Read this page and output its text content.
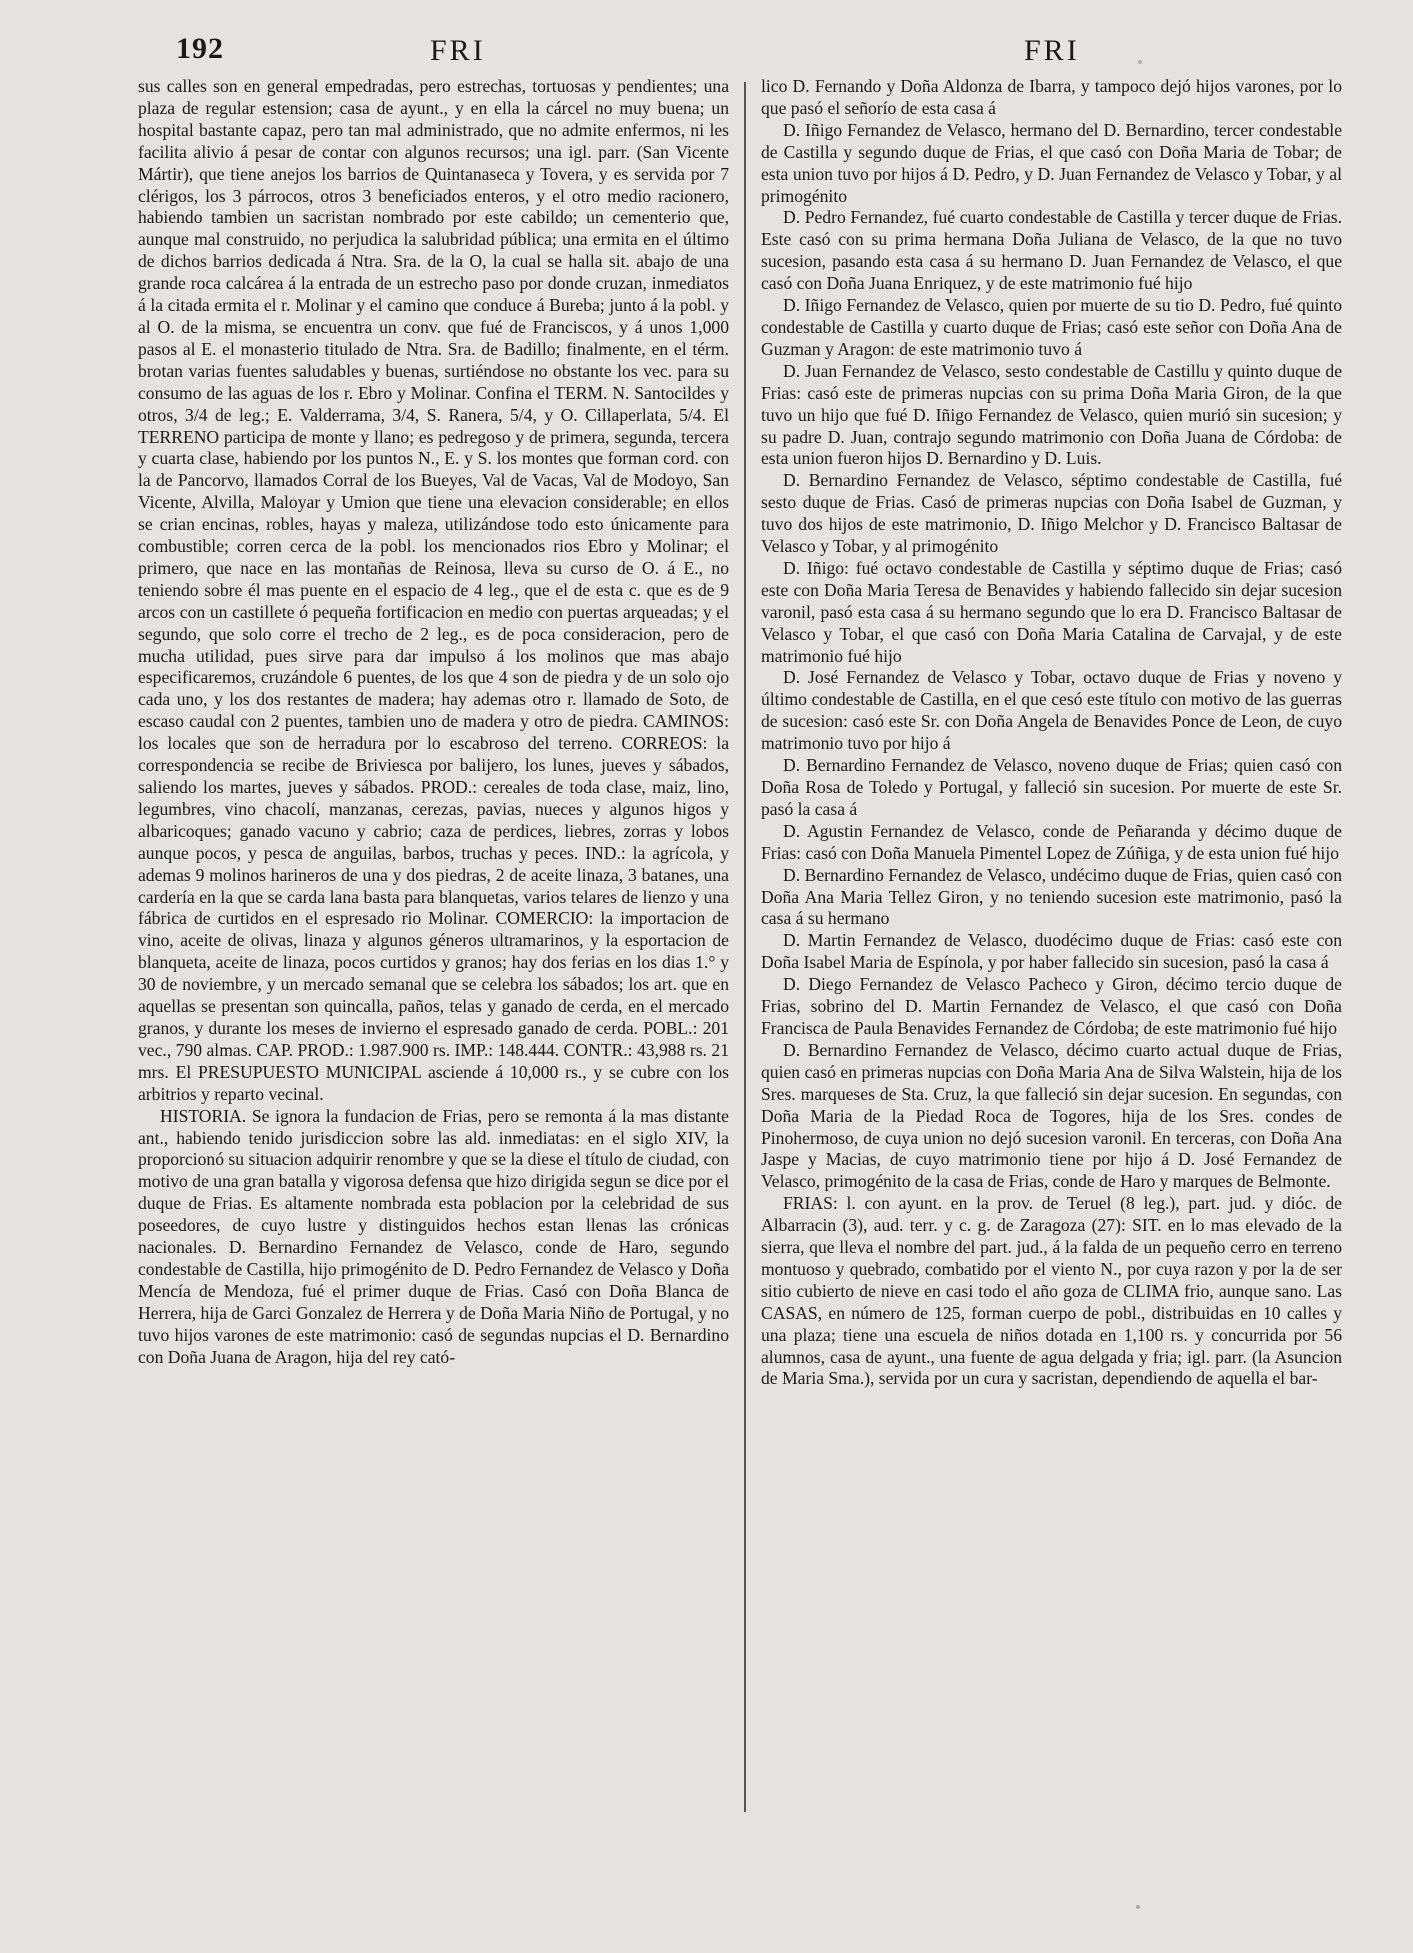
192	FRI	FRI

sus calles son en general empedradas, pero estrechas, tortuosas y pendientes; una plaza de regular estension; casa de ayunt., y en ella la cárcel no muy buena; un hospital bastante capaz, pero tan mal administrado, que no admite enfermos, ni les facilita alivio á pesar de contar con algunos recursos; una igl. parr. (San Vicente Mártir), que tiene anejos los barrios de Quintanaseca y Tovera, y es servida por 7 clérigos, los 3 párrocos, otros 3 beneficiados enteros, y el otro medio racionero, habiendo tambien un sacristan nombrado por este cabildo; un cementerio que, aunque mal construido, no perjudica la salubridad pública; una ermita en el último de dichos barrios dedicada á Ntra. Sra. de la O, la cual se halla sit. abajo de una grande roca calcárea á la entrada de un estrecho paso por donde cruzan, inmediatos á la citada ermita el r. Molinar y el camino que conduce á Bureba; junto á la pobl. y al O. de la misma, se encuentra un conv. que fué de Franciscos, y á unos 1,000 pasos al E. el monasterio titulado de Ntra. Sra. de Badillo; finalmente, en el térm. brotan varias fuentes saludables y buenas, surtiéndose no obstante los vec. para su consumo de las aguas de los r. Ebro y Molinar. Confina el TERM. N. Santocildes y otros, 3/4 de leg.; E. Valderrama, 3/4, S. Ranera, 5/4, y O. Cillaperlata, 5/4. El TERRENO participa de monte y llano; es pedregoso y de primera, segunda, tercera y cuarta clase, habiendo por los puntos N., E. y S. los montes que forman cord. con la de Pancorvo, llamados Corral de los Bueyes, Val de Vacas, Val de Modoyo, San Vicente, Alvilla, Maloyar y Umion que tiene una elevacion considerable; en ellos se crian encinas, robles, hayas y maleza, utilizándose todo esto únicamente para combustible; corren cerca de la pobl. los mencionados rios Ebro y Molinar; el primero, que nace en las montañas de Reinosa, lleva su curso de O. á E., no teniendo sobre él mas puente en el espacio de 4 leg., que el de esta c. que es de 9 arcos con un castillete ó pequeña fortificacion en medio con puertas arqueadas; y el segundo, que solo corre el trecho de 2 leg., es de poca consideracion, pero de mucha utilidad, pues sirve para dar impulso á los molinos que mas abajo especificaremos, cruzándole 6 puentes, de los que 4 son de piedra y de un solo ojo cada uno, y los dos restantes de madera; hay ademas otro r. llamado de Soto, de escaso caudal con 2 puentes, tambien uno de madera y otro de piedra. CAMINOS: los locales que son de herradura por lo escabroso del terreno. CORREOS: la correspondencia se recibe de Briviesca por balijero, los lunes, jueves y sábados, saliendo los martes, jueves y sábados. PROD.: cereales de toda clase, maiz, lino, legumbres, vino chacolí, manzanas, cerezas, pavias, nueces y algunos higos y albaricoques; ganado vacuno y cabrio; caza de perdices, liebres, zorras y lobos aunque pocos, y pesca de anguilas, barbos, truchas y peces. IND.: la agrícola, y ademas 9 molinos harineros de una y dos piedras, 2 de aceite linaza, 3 batanes, una cardería en la que se carda lana basta para blanquetas, varios telares de lienzo y una fábrica de curtidos en el espresado rio Molinar. COMERCIO: la importacion de vino, aceite de olivas, linaza y algunos géneros ultramarinos, y la esportacion de blanqueta, aceite de linaza, pocos curtidos y granos; hay dos ferias en los dias 1.° y 30 de noviembre, y un mercado semanal que se celebra los sábados; los art. que en aquellas se presentan son quincalla, paños, telas y ganado de cerda, en el mercado granos, y durante los meses de invierno el espresado ganado de cerda. POBL.: 201 vec., 790 almas. CAP. PROD.: 1.987.900 rs. IMP.: 148.444. CONTR.: 43,988 rs. 21 mrs. El PRESUPUESTO MUNICIPAL asciende á 10,000 rs., y se cubre con los arbitrios y reparto vecinal.

HISTORIA. Se ignora la fundacion de Frias, pero se remonta á la mas distante ant., habiendo tenido jurisdiccion sobre las ald. inmediatas: en el siglo XIV, la proporcionó su situacion adquirir renombre y que se la diese el título de ciudad, con motivo de una gran batalla y vigorosa defensa que hizo dirigida segun se dice por el duque de Frias. Es altamente nombrada esta poblacion por la celebridad de sus poseedores, de cuyo lustre y distinguidos hechos estan llenas las crónicas nacionales. D. Bernardino Fernandez de Velasco, conde de Haro, segundo condestable de Castilla, hijo primogénito de D. Pedro Fernandez de Velasco y Doña Mencía de Mendoza, fué el primer duque de Frias. Casó con Doña Blanca de Herrera, hija de Garci Gonzalez de Herrera y de Doña Maria Niño de Portugal, y no tuvo hijos varones de este matrimonio: casó de segundas nupcias el D. Bernardino con Doña Juana de Aragon, hija del rey cató-

lico D. Fernando y Doña Aldonza de Ibarra, y tampoco dejó hijos varones, por lo que pasó el señorío de esta casa á

D. Iñigo Fernandez de Velasco, hermano del D. Bernardino, tercer condestable de Castilla y segundo duque de Frias, el que casó con Doña Maria de Tobar; de esta union tuvo por hijos á D. Pedro, y D. Juan Fernandez de Velasco y Tobar, y al primogénito

D. Pedro Fernandez, fué cuarto condestable de Castilla y tercer duque de Frias. Este casó con su prima hermana Doña Juliana de Velasco, de la que no tuvo sucesion, pasando esta casa á su hermano D. Juan Fernandez de Velasco, el que casó con Doña Juana Enriquez, y de este matrimonio fué hijo

D. Iñigo Fernandez de Velasco, quien por muerte de su tio D. Pedro, fué quinto condestable de Castilla y cuarto duque de Frias; casó este señor con Doña Ana de Guzman y Aragon: de este matrimonio tuvo á

D. Juan Fernandez de Velasco, sesto condestable de Castillu y quinto duque de Frias: casó este de primeras nupcias con su prima Doña Maria Giron, de la que tuvo un hijo que fué D. Iñigo Fernandez de Velasco, quien murió sin sucesion; y su padre D. Juan, contrajo segundo matrimonio con Doña Juana de Córdoba: de esta union fueron hijos D. Bernardino y D. Luis.

D. Bernardino Fernandez de Velasco, séptimo condestable de Castilla, fué sesto duque de Frias. Casó de primeras nupcias con Doña Isabel de Guzman, y tuvo dos hijos de este matrimonio, D. Iñigo Melchor y D. Francisco Baltasar de Velasco y Tobar, y al primogénito

D. Iñigo: fué octavo condestable de Castilla y séptimo duque de Frias; casó este con Doña Maria Teresa de Benavides y habiendo fallecido sin dejar sucesion varonil, pasó esta casa á su hermano segundo que lo era D. Francisco Baltasar de Velasco y Tobar, el que casó con Doña Maria Catalina de Carvajal, y de este matrimonio fué hijo

D. José Fernandez de Velasco y Tobar, octavo duque de Frias y noveno y último condestable de Castilla, en el que cesó este título con motivo de las guerras de sucesion: casó este Sr. con Doña Angela de Benavides Ponce de Leon, de cuyo matrimonio tuvo por hijo á

D. Bernardino Fernandez de Velasco, noveno duque de Frias; quien casó con Doña Rosa de Toledo y Portugal, y falleció sin sucesion. Por muerte de este Sr. pasó la casa á

D. Agustin Fernandez de Velasco, conde de Peñaranda y décimo duque de Frias: casó con Doña Manuela Pimentel Lopez de Zúñiga, y de esta union fué hijo

D. Bernardino Fernandez de Velasco, undécimo duque de Frias, quien casó con Doña Ana Maria Tellez Giron, y no teniendo sucesion este matrimonio, pasó la casa á su hermano

D. Martin Fernandez de Velasco, duodécimo duque de Frias: casó este con Doña Isabel Maria de Espínola, y por haber fallecido sin sucesion, pasó la casa á

D. Diego Fernandez de Velasco Pacheco y Giron, décimo tercio duque de Frias, sobrino del D. Martin Fernandez de Velasco, el que casó con Doña Francisca de Paula Benavides Fernandez de Córdoba; de este matrimonio fué hijo

D. Bernardino Fernandez de Velasco, décimo cuarto actual duque de Frias, quien casó en primeras nupcias con Doña Maria Ana de Silva Walstein, hija de los Sres. marqueses de Sta. Cruz, la que falleció sin dejar sucesion. En segundas, con Doña Maria de la Piedad Roca de Togores, hija de los Sres. condes de Pinohermoso, de cuya union no dejó sucesion varonil. En terceras, con Doña Ana Jaspe y Macias, de cuyo matrimonio tiene por hijo á D. José Fernandez de Velasco, primogénito de la casa de Frias, conde de Haro y marques de Belmonte.

FRIAS: l. con ayunt. en la prov. de Teruel (8 leg.), part. jud. y dióc. de Albarracin (3), aud. terr. y c. g. de Zaragoza (27): SIT. en lo mas elevado de la sierra, que lleva el nombre del part. jud., á la falda de un pequeño cerro en terreno montuoso y quebrado, combatido por el viento N., por cuya razon y por la de ser sitio cubierto de nieve en casi todo el año goza de CLIMA frio, aunque sano. Las CASAS, en número de 125, forman cuerpo de pobl., distribuidas en 10 calles y una plaza; tiene una escuela de niños dotada en 1,100 rs. y concurrida por 56 alumnos, casa de ayunt., una fuente de agua delgada y fria; igl. parr. (la Asuncion de Maria Sma.), servida por un cura y sacristan, dependiendo de aquella el bar-
